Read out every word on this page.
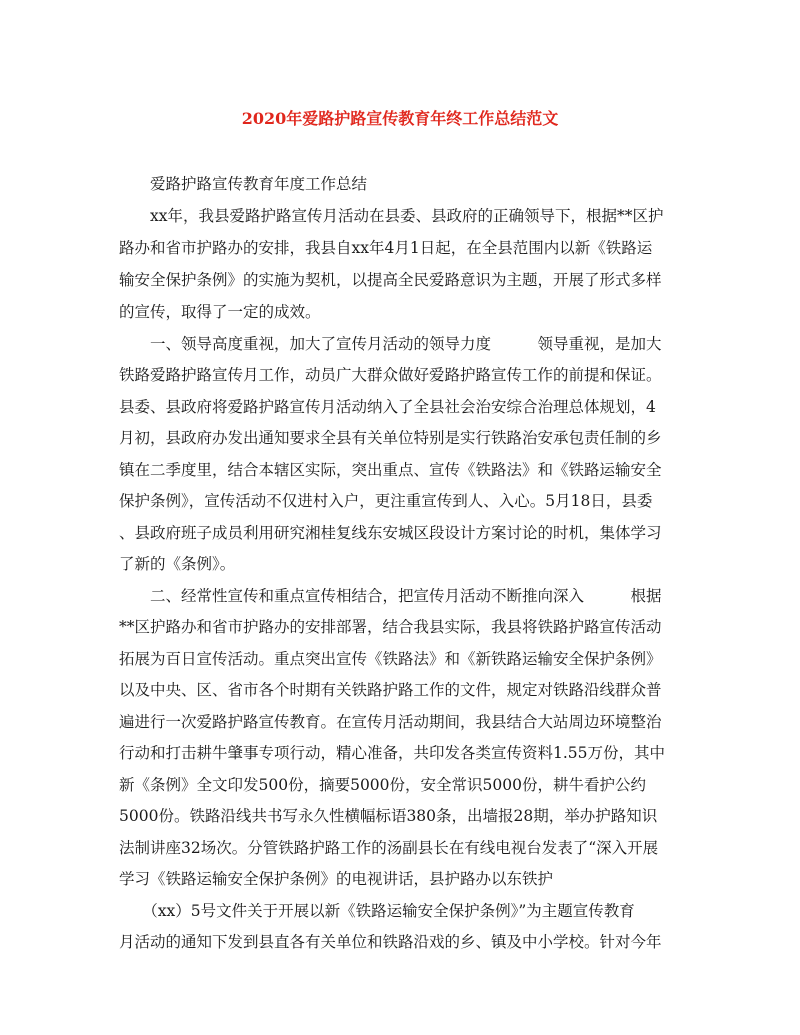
2020年爱路护路宣传教育年终工作总结范文
　　爱路护路宣传教育年度工作总结
　　xx年，我县爱路护路宣传月活动在县委、县政府的正确领导下，根据**区护
路办和省市护路办的安排，我县自xx年4月1日起，在全县范围内以新《铁路运
输安全保护条例》的实施为契机，以提高全民爱路意识为主题，开展了形式多样
的宣传，取得了一定的成效。
　　一、领导高度重视，加大了宣传月活动的领导力度　　　领导重视，是加大
铁路爱路护路宣传月工作，动员广大群众做好爱路护路宣传工作的前提和保证。
县委、县政府将爱路护路宣传月活动纳入了全县社会治安综合治理总体规划，4
月初，县政府办发出通知要求全县有关单位特别是实行铁路治安承包责任制的乡
镇在二季度里，结合本辖区实际，突出重点、宣传《铁路法》和《铁路运输安全
保护条例》，宣传活动不仅进村入户，更注重宣传到人、入心。5月18日，县委
、县政府班子成员利用研究湘桂复线东安城区段设计方案讨论的时机，集体学习
了新的《条例》。
　　二、经常性宣传和重点宣传相结合，把宣传月活动不断推向深入　　　根据
**区护路办和省市护路办的安排部署，结合我县实际，我县将铁路护路宣传活动
拓展为百日宣传活动。重点突出宣传《铁路法》和《新铁路运输安全保护条例》
以及中央、区、省市各个时期有关铁路护路工作的文件，规定对铁路沿线群众普
遍进行一次爱路护路宣传教育。在宣传月活动期间，我县结合大站周边环境整治
行动和打击耕牛肇事专项行动，精心准备，共印发各类宣传资料1.55万份，其中
新《条例》全文印发500份，摘要5000份，安全常识5000份，耕牛看护公约
5000份。铁路沿线共书写永久性横幅标语380条，出墙报28期，举办护路知识
法制讲座32场次。分管铁路护路工作的汤副县长在有线电视台发表了“深入开展
学习《铁路运输安全保护条例》的电视讲话，县护路办以东铁护
　　（xx）5号文件关于开展以新《铁路运输安全保护条例》”为主题宣传教育
月活动的通知下发到县直各有关单位和铁路沿戏的乡、镇及中小学校。针对今年
